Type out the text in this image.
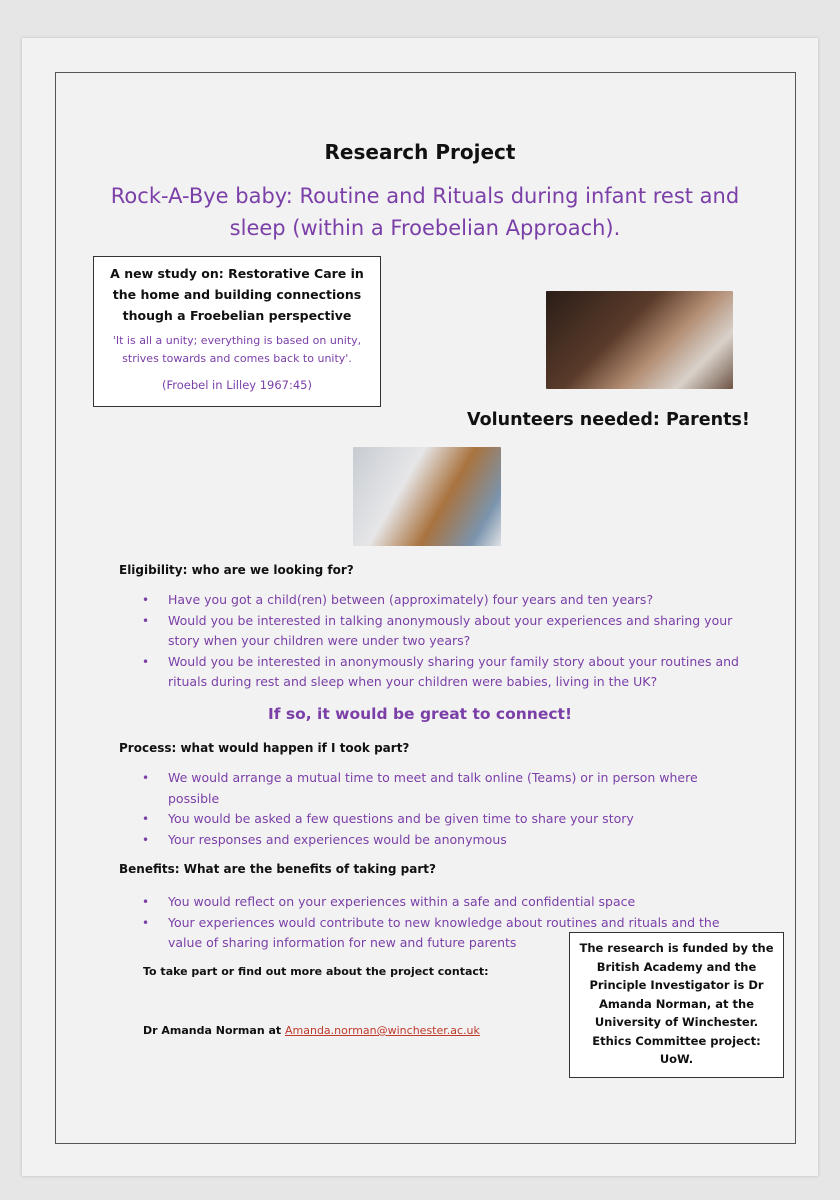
Research Project
Rock-A-Bye baby: Routine and Rituals during infant rest and sleep (within a Froebelian Approach).
A new study on: Restorative Care in the home and building connections though a Froebelian perspective
'It is all a unity; everything is based on unity, strives towards and comes back to unity'.
(Froebel in Lilley 1967:45)
Volunteers needed: Parents!
Eligibility: who are we looking for?
• Have you got a child(ren) between (approximately) four years and ten years?
• Would you be interested in talking anonymously about your experiences and sharing your story when your children were under two years?
• Would you be interested in anonymously sharing your family story about your routines and rituals during rest and sleep when your children were babies, living in the UK?
If so, it would be great to connect!
Process: what would happen if I took part?
• We would arrange a mutual time to meet and talk online (Teams) or in person where possible
• You would be asked a few questions and be given time to share your story
• Your responses and experiences would be anonymous
Benefits: What are the benefits of taking part?
• You would reflect on your experiences within a safe and confidential space
• Your experiences would contribute to new knowledge about routines and rituals and the value of sharing information for new and future parents
To take part or find out more about the project contact:
Dr Amanda Norman at Amanda.norman@winchester.ac.uk
The research is funded by the British Academy and the Principle Investigator is Dr Amanda Norman, at the University of Winchester. Ethics Committee project: UoW.
